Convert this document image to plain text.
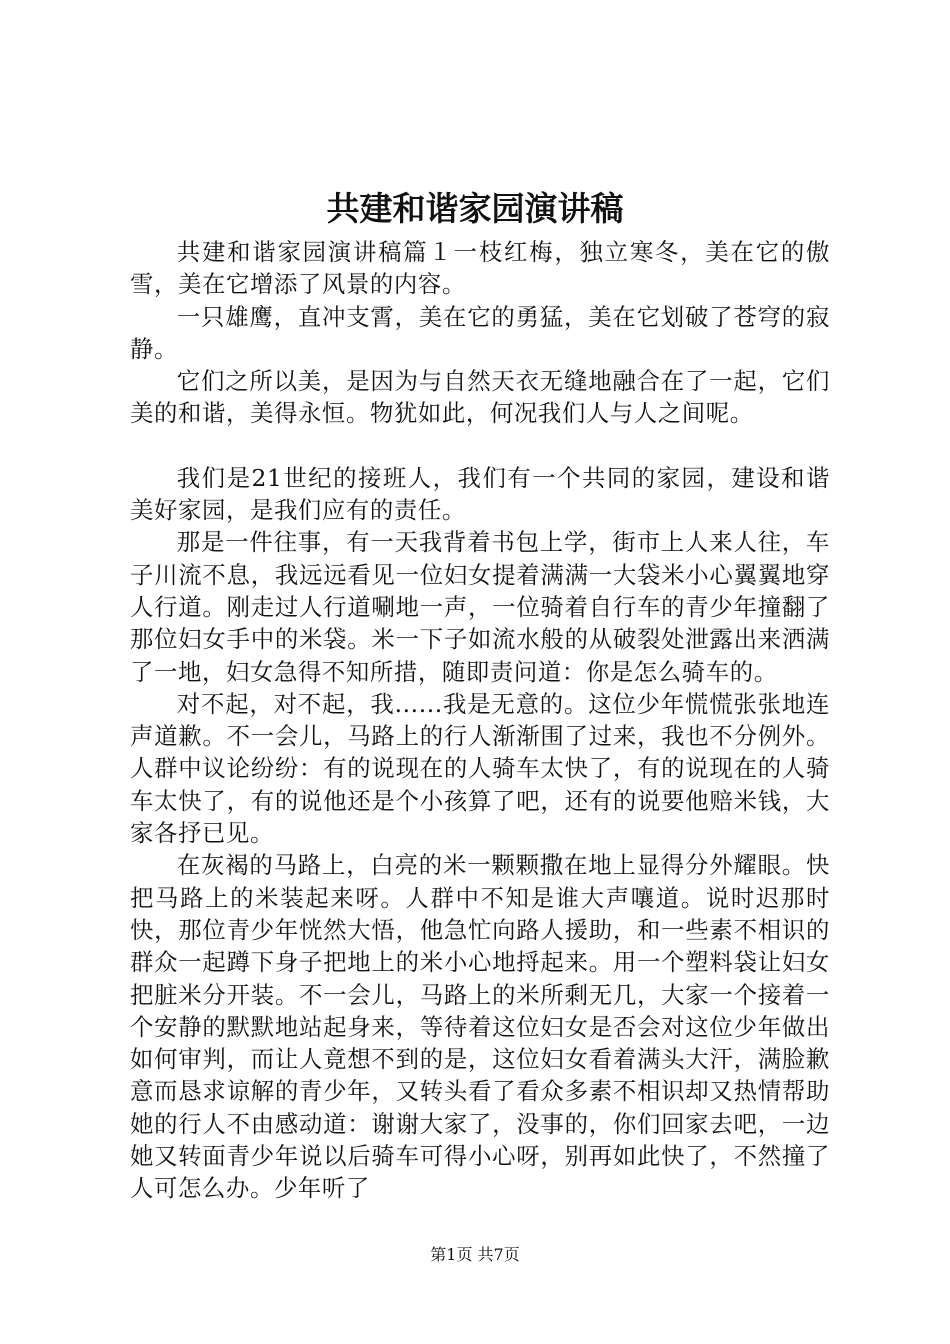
共建和谐家园演讲稿

共建和谐家园演讲稿篇１一枝红梅，独立寒冬，美在它的傲雪，美在它增添了风景的内容。

一只雄鹰，直冲支霄，美在它的勇猛，美在它划破了苍穹的寂静。

它们之所以美，是因为与自然天衣无缝地融合在了一起，它们美的和谐，美得永恒。物犹如此，何况我们人与人之间呢。

我们是21世纪的接班人，我们有一个共同的家园，建设和谐美好家园，是我们应有的责任。

那是一件往事，有一天我背着书包上学，街市上人来人往，车子川流不息，我远远看见一位妇女提着满满一大袋米小心翼翼地穿人行道。刚走过人行道唰地一声，一位骑着自行车的青少年撞翻了那位妇女手中的米袋。米一下子如流水般的从破裂处泄露出来洒满了一地，妇女急得不知所措，随即责问道：你是怎么骑车的。

对不起，对不起，我......我是无意的。这位少年慌慌张张地连声道歉。不一会儿，马路上的行人渐渐围了过来，我也不分例外。人群中议论纷纷：有的说现在的人骑车太快了，有的说现在的人骑车太快了，有的说他还是个小孩算了吧，还有的说要他赔米钱，大家各抒已见。

在灰褐的马路上，白亮的米一颗颗撒在地上显得分外耀眼。快把马路上的米装起来呀。人群中不知是谁大声嚷道。说时迟那时快，那位青少年恍然大悟，他急忙向路人援助，和一些素不相识的群众一起蹲下身子把地上的米小心地捋起来。用一个塑料袋让妇女把脏米分开装。不一会儿，马路上的米所剩无几，大家一个接着一个安静的默默地站起身来，等待着这位妇女是否会对这位少年做出如何审判，而让人竟想不到的是，这位妇女看着满头大汗，满脸歉意而恳求谅解的青少年，又转头看了看众多素不相识却又热情帮助她的行人不由感动道：谢谢大家了，没事的，你们回家去吧，一边她又转面青少年说以后骑车可得小心呀，别再如此快了，不然撞了人可怎么办。少年听了

第1页 共7页
